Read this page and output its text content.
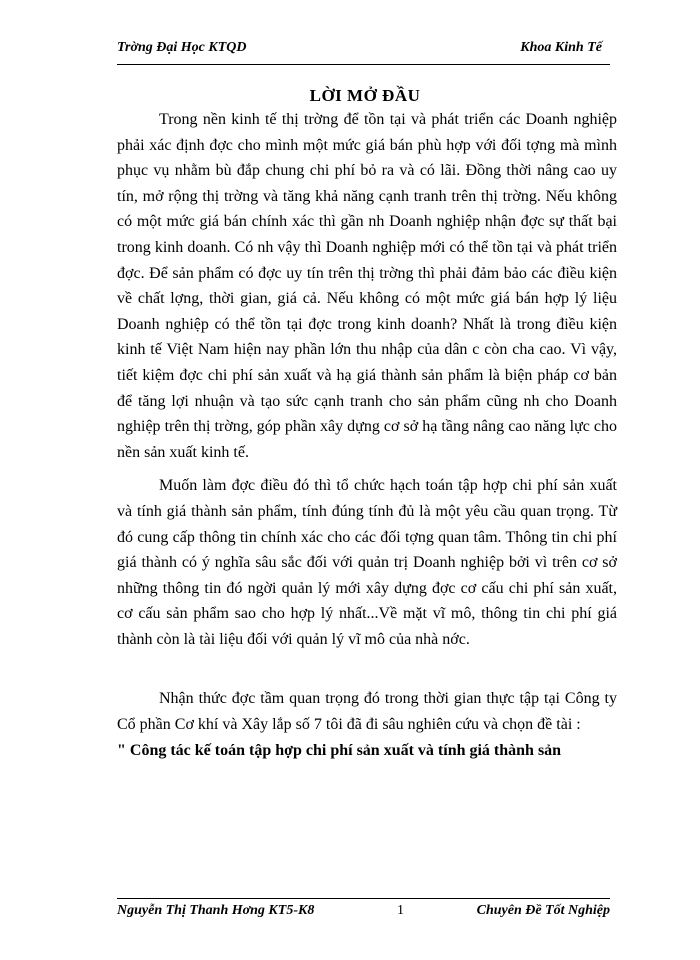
Trờng Đại Học KTQD	Khoa Kinh Tế
LỜI MỞ ĐẦU

Trong nền kinh tế thị trờng để tồn tại và phát triển các Doanh nghiệp phải xác định đợc cho mình một mức giá bán phù hợp với đối tợng mà mình phục vụ nhằm bù đắp chung chi phí bỏ ra và có lãi. Đồng thời nâng cao uy tín, mở rộng thị trờng và tăng khả năng cạnh tranh trên thị trờng. Nếu không có một mức giá bán chính xác thì gần nh Doanh nghiệp nhận đợc sự thất bại trong kinh doanh. Có nh vậy thì Doanh nghiệp mới có thể tồn tại và phát triển đợc. Để sản phẩm có đợc uy tín trên thị trờng thì phải đảm bảo các điều kiện về chất lợng, thời gian, giá cả. Nếu không có một mức giá bán hợp lý liệu Doanh nghiệp có thể tồn tại đợc trong kinh doanh? Nhất là trong điều kiện kinh tế Việt Nam hiện nay phần lớn thu nhập của dân c còn cha cao. Vì vậy, tiết kiệm đợc chi phí sản xuất và hạ giá thành sản phẩm là biện pháp cơ bản để tăng lợi nhuận và tạo sức cạnh tranh cho sản phẩm cũng nh cho Doanh nghiệp trên thị trờng, góp phần xây dựng cơ sở hạ tầng nâng cao năng lực cho nền sản xuất kinh tế.

Muốn làm đợc điều đó thì tổ chức hạch toán tập hợp chi phí sản xuất và tính giá thành sản phẩm, tính đúng tính đủ là một yêu cầu quan trọng. Từ đó cung cấp thông tin chính xác cho các đối tợng quan tâm. Thông tin chi phí giá thành có ý nghĩa sâu sắc đối với quản trị Doanh nghiệp bởi vì trên cơ sở những thông tin đó ngời quản lý mới xây dựng đợc cơ cấu chi phí sản xuất, cơ cấu sản phẩm sao cho hợp lý nhất...Về mặt vĩ mô, thông tin chi phí giá thành còn là tài liệu đối với quản lý vĩ mô của nhà nớc.

Nhận thức đợc tầm quan trọng đó trong thời gian thực tập tại Công ty Cổ phần Cơ khí và Xây lắp số 7 tôi đã đi sâu nghiên cứu và chọn đề tài :

" Công tác kế toán tập hợp chi phí sản xuất và tính giá thành sản

Nguyễn Thị Thanh Hơng KT5-K8	1	Chuyên Đề Tốt Nghiệp
